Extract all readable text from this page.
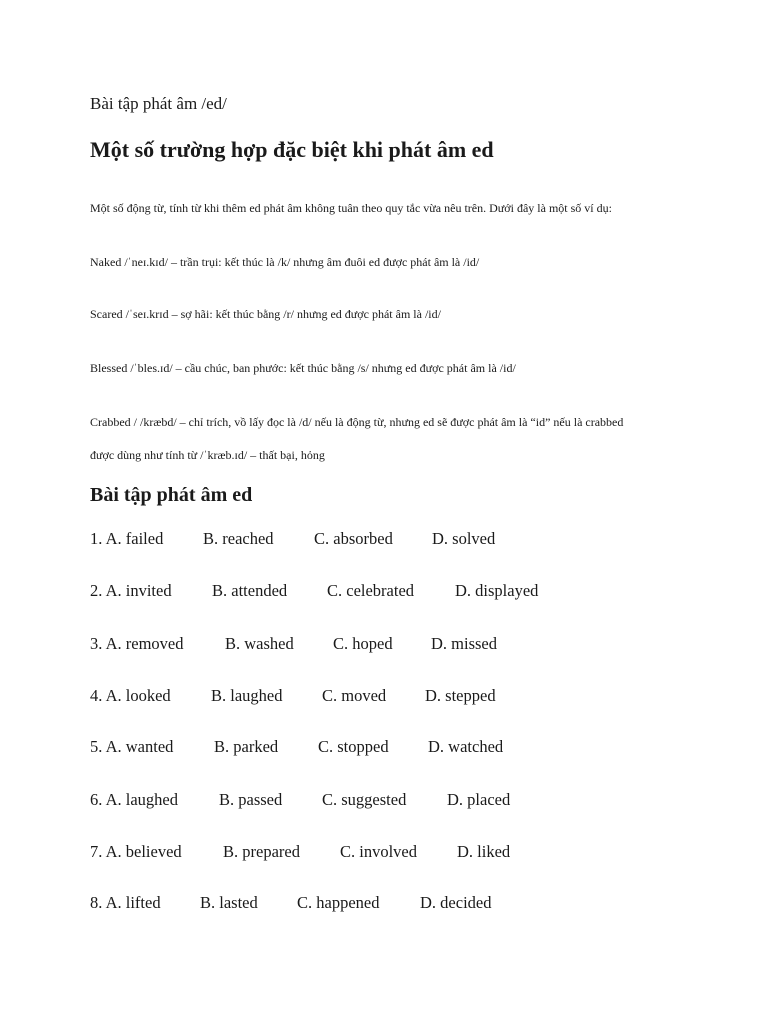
Bài tập phát âm /ed/
Một số trường hợp đặc biệt khi phát âm ed
Một số động từ, tính từ khi thêm ed phát âm không tuân theo quy tắc vừa nêu trên. Dưới đây là một số ví dụ:
Naked /ˈneɪ.kɪd/ – trần trụi: kết thúc là /k/ nhưng âm đuôi ed được phát âm là /id/
Scared /ˈseɪ.krɪd – sợ hãi: kết thúc bằng /r/ nhưng ed được phát âm là /id/
Blessed /ˈbles.ɪd/ – cầu chúc, ban phước: kết thúc bằng /s/ nhưng ed được phát âm là /id/
Crabbed / /kræbd/ – chỉ trích, vồ lấy đọc là /d/ nếu là động từ, nhưng ed sẽ được phát âm là “id” nếu là crabbed
được dùng như tính từ /ˈkræb.ɪd/ – thất bại, hỏng
Bài tập phát âm ed
1. A. failed B. reached C. absorbed D. solved
2. A. invited B. attended C. celebrated D. displayed
3. A. removed	B. washed C. hoped D. missed
4. A. looked B. laughed C. moved D. stepped
5. A. wanted B. parked C. stopped D. watched
6. A. laughed B. passed C. suggested D. placed
7. A. believed	B. prepared C. involved D. liked
8. A. lifted B. lasted C. happened D. decided
